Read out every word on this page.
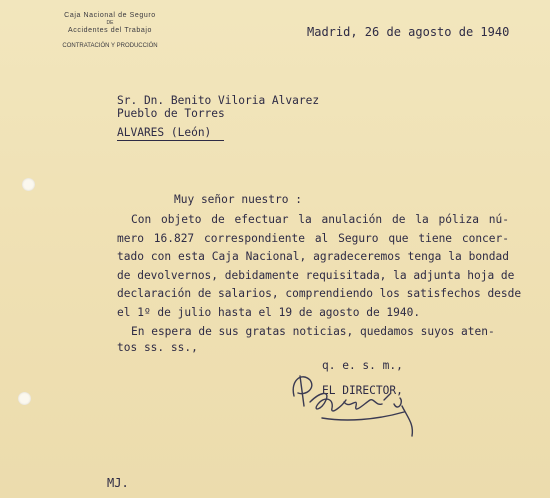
Caja Nacional de Seguro
DE
Accidentes del Trabajo
CONTRATACIÓN Y PRODUCCIÓN
Madrid, 26 de agosto de 1940
Sr. Dn. Benito Viloria Alvarez
Pueblo de Torres
ALVARES (León)
Muy señor nuestro :
Con objeto de efectuar la anulación de la póliza nú-
mero 16.827 correspondiente al Seguro que tiene concer-
tado con esta Caja Nacional, agradeceremos tenga la bondad
de devolvernos, debidamente requisitada, la adjunta hoja de
declaración de salarios, comprendiendo los satisfechos desde
el 1º de julio hasta el 19 de agosto de 1940.
En espera de sus gratas noticias, quedamos suyos aten-
tos ss. ss.,
q. e. s. m.,
EL DIRECTOR,
MJ.
